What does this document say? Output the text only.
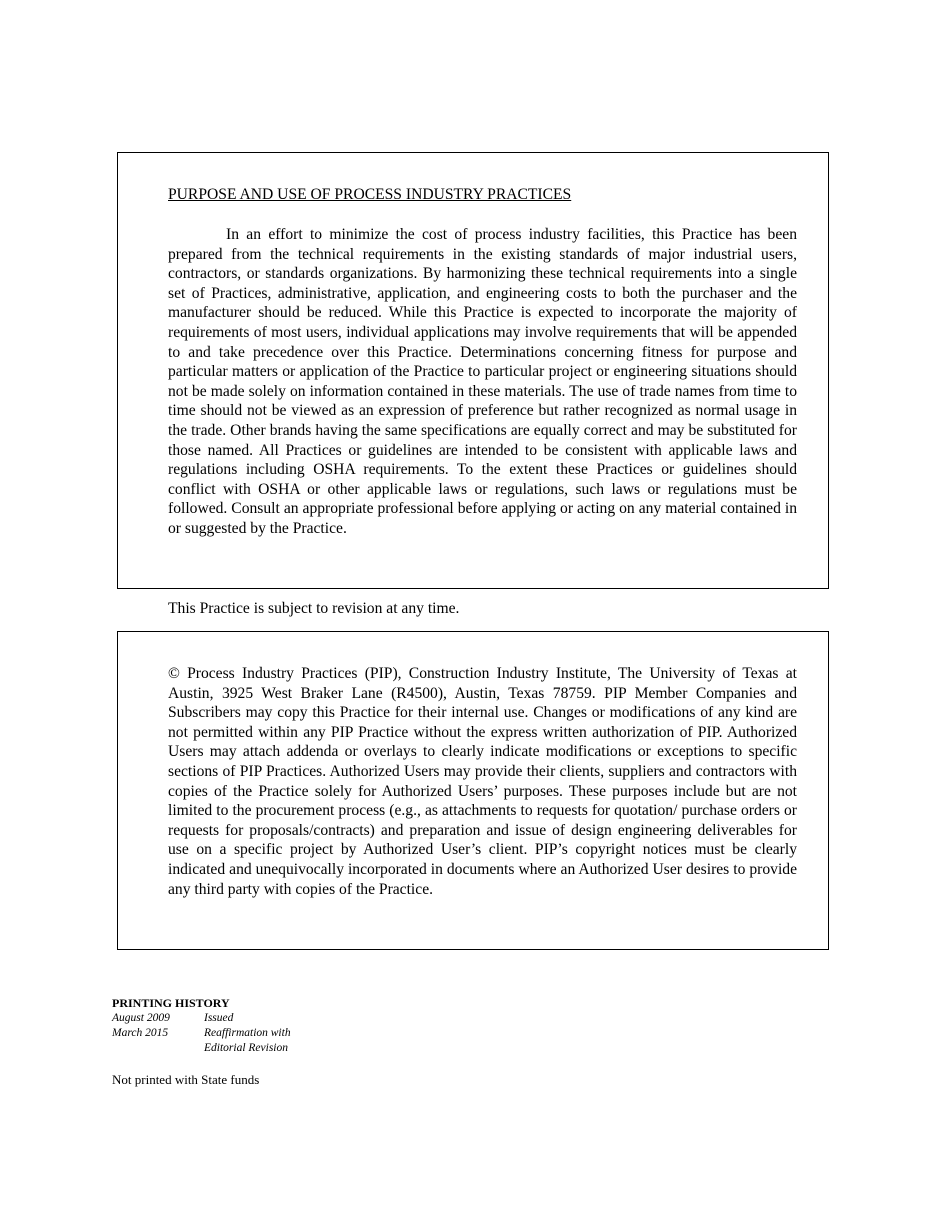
PURPOSE AND USE OF PROCESS INDUSTRY PRACTICES

In an effort to minimize the cost of process industry facilities, this Practice has been prepared from the technical requirements in the existing standards of major industrial users, contractors, or standards organizations. By harmonizing these technical requirements into a single set of Practices, administrative, application, and engineering costs to both the purchaser and the manufacturer should be reduced. While this Practice is expected to incorporate the majority of requirements of most users, individual applications may involve requirements that will be appended to and take precedence over this Practice. Determinations concerning fitness for purpose and particular matters or application of the Practice to particular project or engineering situations should not be made solely on information contained in these materials. The use of trade names from time to time should not be viewed as an expression of preference but rather recognized as normal usage in the trade. Other brands having the same specifications are equally correct and may be substituted for those named. All Practices or guidelines are intended to be consistent with applicable laws and regulations including OSHA requirements. To the extent these Practices or guidelines should conflict with OSHA or other applicable laws or regulations, such laws or regulations must be followed. Consult an appropriate professional before applying or acting on any material contained in or suggested by the Practice.

This Practice is subject to revision at any time.

© Process Industry Practices (PIP), Construction Industry Institute, The University of Texas at Austin, 3925 West Braker Lane (R4500), Austin, Texas 78759. PIP Member Companies and Subscribers may copy this Practice for their internal use. Changes or modifications of any kind are not permitted within any PIP Practice without the express written authorization of PIP. Authorized Users may attach addenda or overlays to clearly indicate modifications or exceptions to specific sections of PIP Practices. Authorized Users may provide their clients, suppliers and contractors with copies of the Practice solely for Authorized Users’ purposes. These purposes include but are not limited to the procurement process (e.g., as attachments to requests for quotation/ purchase orders or requests for proposals/contracts) and preparation and issue of design engineering deliverables for use on a specific project by Authorized User’s client. PIP’s copyright notices must be clearly indicated and unequivocally incorporated in documents where an Authorized User desires to provide any third party with copies of the Practice.

PRINTING HISTORY

August 2009	Issued
March 2015	Reaffirmation with Editorial Revision

Not printed with State funds
